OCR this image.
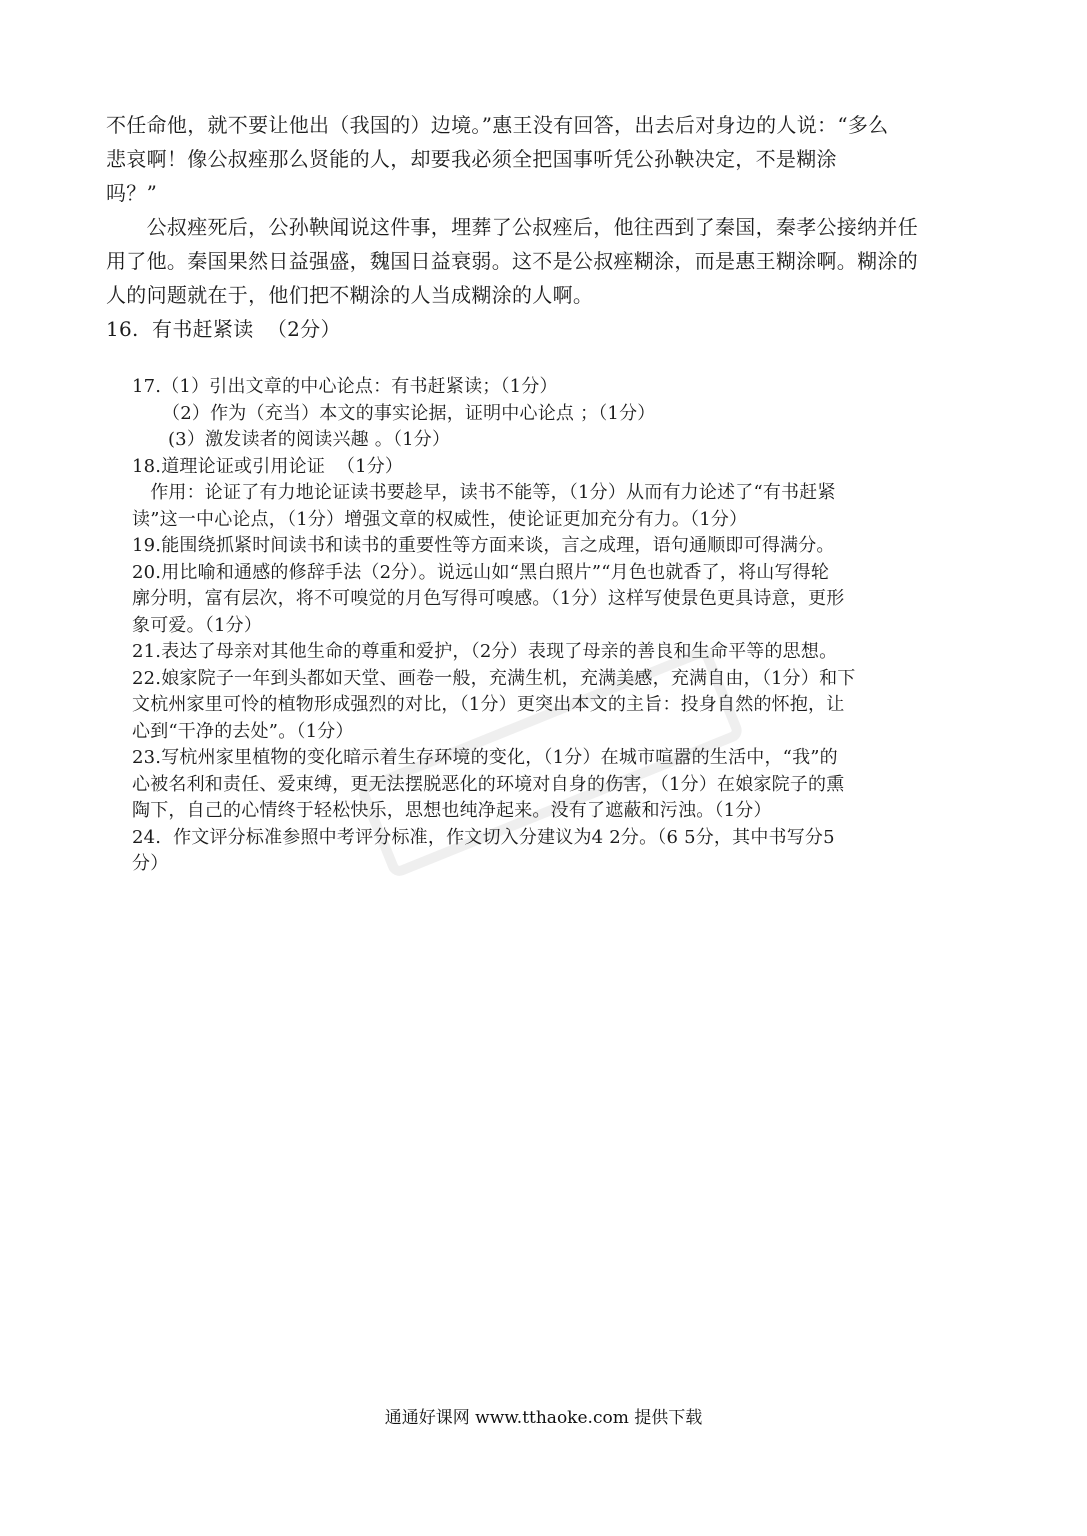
不任命他，就不要让他出（我国的）边境。”惠王没有回答，出去后对身边的人说：“多么

悲哀啊！像公叔痤那么贤能的人，却要我必须全把国事听凭公孙鞅决定，不是糊涂

吗？”

　　公叔痤死后，公孙鞅闻说这件事，埋葬了公叔痤后，他往西到了秦国，秦孝公接纳并任

用了他。秦国果然日益强盛，魏国日益衰弱。这不是公叔痤糊涂，而是惠王糊涂啊。糊涂的

人的问题就在于，他们把不糊涂的人当成糊涂的人啊。

16.  有书赶紧读  （2分）

17.（1）引出文章的中心论点：有书赶紧读；（1分）

　  （2）作为（充当）本文的事实论据，证明中心论点 ；（1分）

　   (3）激发读者的阅读兴趣 。（1分）

18.道理论证或引用论证  （1分）

　作用：论证了有力地论证读书要趁早，读书不能等，（1分）从而有力论述了“有书赶紧

读”这一中心论点，（1分）增强文章的权威性，使论证更加充分有力。（1分）

19.能围绕抓紧时间读书和读书的重要性等方面来谈，言之成理，语句通顺即可得满分。

20.用比喻和通感的修辞手法（2分）。说远山如“黑白照片”“月色也就香了，将山写得轮

廓分明，富有层次，将不可嗅觉的月色写得可嗅感。（1分）这样写使景色更具诗意，更形

象可爱。（1分）

21.表达了母亲对其他生命的尊重和爱护，（2分）表现了母亲的善良和生命平等的思想。

22.娘家院子一年到头都如天堂、画卷一般，充满生机，充满美感，充满自由，（1分）和下

文杭州家里可怜的植物形成强烈的对比，（1分）更突出本文的主旨：投身自然的怀抱，让

心到“干净的去处”。（1分）

23.写杭州家里植物的变化暗示着生存环境的变化，（1分）在城市喧嚣的生活中，“我”的

心被名利和责任、爱束缚，更无法摆脱恶化的环境对自身的伤害，（1分）在娘家院子的熏

陶下，自己的心情终于轻松快乐，思想也纯净起来。没有了遮蔽和污浊。（1分）

24.  作文评分标准参照中考评分标准，作文切入分建议为4 2分。（6 5分，其中书写分5

分）

通通好课网 www.tthaoke.com 提供下载
